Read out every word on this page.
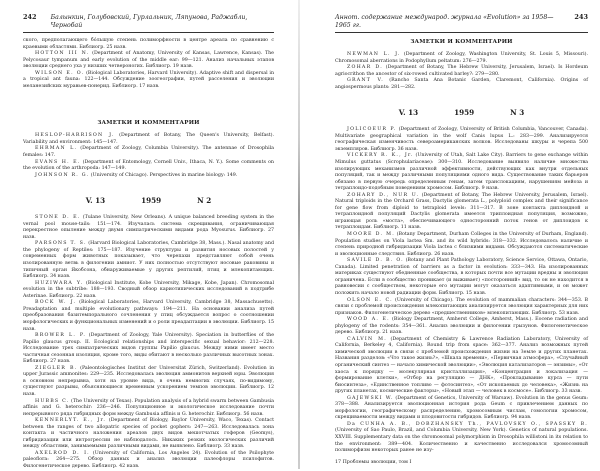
242 Балынкин, Голубовский, Гурлальник, Ляпунова, Раджабли, Чернобай

ского, предполагающего бо́льшую степень полиморфности в центре ареала по сравнению с краевыми областями. Библиогр. 25 назв.

HOTTON III N. (Department of Anatomy, University of Kansas, Lawrence, Kansas). The Pelycosaur tympanum and early evolution of the middle ear: 99—121. Анализ начальных этапов эволюции среднего уха у низших четвероногих. Библиогр. 19 назв.

WILSON E. O. (Biological Laboratories, Harvard University). Adaptive shift and dispersal in a tropical ant fauna: 122—144. Обсуждение зоогеографии, путей расселения и эволюции меланезийских муравьев-понерид. Библиогр. 17 назв.

ЗАМЕТКИ И КОММЕНТАРИИ

HESLOP-HARRISON J. (Department of Botany, The Queen's University, Belfast). Variability and environment: 145—147.

EHRMAN L. (Department of Zoology, Columbia University). The antennae of Drosophila females: 147.

EVANS H. E. (Department of Entomology, Cornell Univ., Ithaca, N. Y.). Some comments on the evolution of the arthropoda: 147—149.

JOHNSON R. G. (University of Chicago). Perspectives in marine biology: 149.

V. 13	1959	N 2

STONE D. E. (Tulane University, New Orleans). A unique balanced breeding system in the vernal pool mouse-tails: 151—174. Изучалась система скрещивания, ограничивающая перекрестное опыление между двумя симпатрическими видами рода Myosurus. Библиогр. 27 назв.

PARSONS T. S. (Harvard Biological Laboratories, Cambridge 38, Mass.). Nasal anatomy and the phylogeny of Reptiles: 175—187. Изучение структуры и развития носовых полостей у современных форм животных показывает, что черепахи представляют собой очень изолированную ветвь в филогении амниот. У них полностью отсутствуют носовые раковины и типичный орган Якобсона, обнаруживаемые у других рептилий, птиц и млекопитающих. Библиогр. 34 назв.

HUZIWARA Y. (Biological Institute, Kobe University, Mikage, Kobe, Japan). Chromosomal evolution in the subtribe: 188—193. Сводный обзор кариотипических исследований в подтрибе Asterinae. Библиогр. 22 назв.

BOCK W. J. (Biological Laboratories, Harvard University, Cambridge 38, Massachusetts). Preadaptation and multiple evolutionary pathways: 194—211. На основании анализа путей преобразования базитемпорального сочленения у птиц обсуждается вопрос о соотношении морфологических и функциональных изменений и о роли преадаптации в эволюции. Библиогр. 15 назв.

BROWER L. P. (Department of Zoology, Yale University). Speciation in butterflies of the Papilio glaucus group. II. Ecological relationships and interspecific sexual behavior: 212—228. Исследование трех симпатрических видов группы Papilio glaucus. Между ними имеет место частичная сезонная изоляция, кроме того, виды обитают в несколько различных высотных зонах. Библиогр. 27 назв.

ZIEGLER B. (Paleontologisches Institut der Universitat Zürich, Switzerland). Evolution in upper Jurassic ammonites: 229—235. Исследовалась эволюция аммонитов верхней юры. Эволюция в основном непрерывна, хотя на уровне вида, в очень немногих случаях, по-видимому, существуют разрывы, объясняющиеся временным ускорением темпов эволюции. Библиогр. 12 назв.

HUBBS C. (The University of Texas). Population analysis of a hybrid swarm between Gambusia affinis and G. heterochir: 236—246. Популяционное и экологическое исследование почти непрерывного ряда гибридных форм между Gambusia affinis и G. heterochir. Библиогр. 56 назв.

KENNERLYT. E., Jr. (Department of Biology, Baylor University, Waco, Texas). Contact between the ranges of two allopatric species of pocket gophers: 247—263. Исследовалась зона контакта и частичного наложения ареалов двух видов мешотчатых гоферов (Geomys), гибридизации или интрогрессии не наблюдалось. Никаких резких экологических различий между областями, занимаемыми различными видами, не выявлено. Библиогр. 33 назв.

AXELROD D. I. (University of California, Los Angeles 24). Evolution of the Psilophyte paleoflora: 264—275. Обзор данных и анализ эволюции палеофлоры псилофитов. Филогенетическое дерево. Библиогр. 42 назв.

Аннот. содержание международ. журнала «Evolution» за 1958—1965 гг.
243
ЗАМЕТКИ И КОММЕНТАРИИ

NEWMAN L. J. (Department of Zoology, Washington University, St. Louis 5, Missouri). Chromosomal aberrations in Podophyllum peltatum: 276—279.

ZOHAR D. (Department of Botany, The Hebrew University, Jerusalem, Israel). Is Hordeum agriocrithon the ancestor of six-rowed cultivated barley?: 279—280.

GRANT V. (Rancho Santa Ana Botanic Garden, Claremont, California). Origins of angiospermous plants: 281—282.

V. 13	1959	N 3

JOLICOEUR P. (Department of Zoology, University of British Columbia, Vancouver, Canada). Multivariate geographical variation in the wolf Canis lupus L.: 283—299. Анализируется географическая изменчивость североамериканских волков. Исследованы шкуры и черепа 500 экземпляров. Библиогр. 36 назв.

VICKERY R. K., Jr. (University of Utah, Salt Lake City). Barriers to gene exchange within Mimulus guttatus (Scrophulariaceae): 300—310. Исследование выявило наличие множества изолирующих механизмов различной эффективности, действующих как внутри отдельных популяций, так и между различными популяциями одного вида. Существование таких барьеров обязано в первую очередь определенным генам, затем транслокациям, нарушениям мейоза и тетраплоидо-подобным поведениям хромосом. Библиогр. 9 назв.

ZOHARY D., NUR U. (Department of Botany, The Hebrew University, Jerusalem, Israel). Natural triploids in the Orchard Grass, Dactylis glomerata L., polyploid complex and their significance for gene flow from diploid to tetraploid levels: 311—317. В зоне контакта диплоидной и тетраплоидной популяций Dactylis glomerata имеется триплоидная популяция, возможно, играющая роль «моста», обеспечивающего односторонний поток генов от диплоидов к тетраплоидам. Библиогр. 11 назв.

MOORE D. M. (Botany Department, Durham Colleges in the University of Durham, England). Population studies on Viola lactea Sm. and its wild hybrids: 318—332. Исследовалось наличие и степень природной гибридизации Viola lactea с близкими видами. Обсуждаются систематические и эволюционные следствия. Библиогр. 26 назв.

SAVILE D. B. O. (Botany and Plant Pathology Laboratory, Science Service, Ottawa, Ontario, Canada). Limited penetration of barriers as a factor in evolution: 333—343. На изолированных материках существуют обедненные сообщества, в которых почти все мутации вредны и эволюция ограничена. Если в сообщество проникает (и выживает) «посторонний» вид, то он не находится в равновесии с сообществом, некоторые его мутации могут оказаться адаптивными, и он может положить начало новой радиации форм. Библиогр. 15 назв.

OLSON E. C. (University of Chicago). The evolution of mammalian characters: 344—353. В связи с проблемой происхождения млекопитающих анализируется эволюция характерных для них признаков. Филогенетическое дерево «предшественников» млекопитающих. Библиогр. 53 назв.

WOOD A. E. (Biology Department, Amherst College, Amherst, Mass.). Eocene radiation and phylogeny of the rodents: 354—361. Анализ эволюции и филогении грызунов. Филогенетическое дерево. Библиогр. 21 назв.

CALVIN M. (Department of Chemistry & Lawrence Radiation Laboratory, University of California, Berkeley 4, California). Round trip from space: 362—377. Анализ возможных путей химической эволюции в связи с проблемой происхождения жизни на Земле и других планетах. Названия разделов: «Что такое жизнь?», «Шкала времени», «Первичная атмосфера», «Случайный органический синтез — начало химической эволюции», «Эволюция катализаторов — энзимы», «От хаоса к порядку — молекулярная кристаллизация», «Концентрация и локализация — формирование клетки», «Отбор на регуляцию — ДНК», «Прокладывание курса — пути биосинтеза», «Единственное топливо — фотосинтез», «От ископаемых до человека», «Жизнь на других планетах, космические факторы», «Новый этап — человек в космосе». Библиогр. 33 назв.

GAJEWSKI W. (Department of Genetics, University of Warsaw). Evolution in the genus Geum: 378—388. Анализируется эволюционная история рода Geum с привлечением данных по морфологии, географическому распределению, хромосомным числам, гомологии хромосом, скрещиваемости между видами и плодовитости гибридов. Библиогр. 94 назв.

Da CUNHA A. B., DOBZHANSKY Th., PAVLOVSKY O., SPASSKY B. (University of Sao Paulo, Brazil, and Columbia University, New York). Genetics of natural populations. XXVIII. Supplementary data on the chromosomal polymorphism in Drosophila willistoni in its relation to the environment: 389—404. Количественно и качественно исследовался хромосомный полиморфизм некоторых ранее не изу-

17 Проблемы эволюции, том I
